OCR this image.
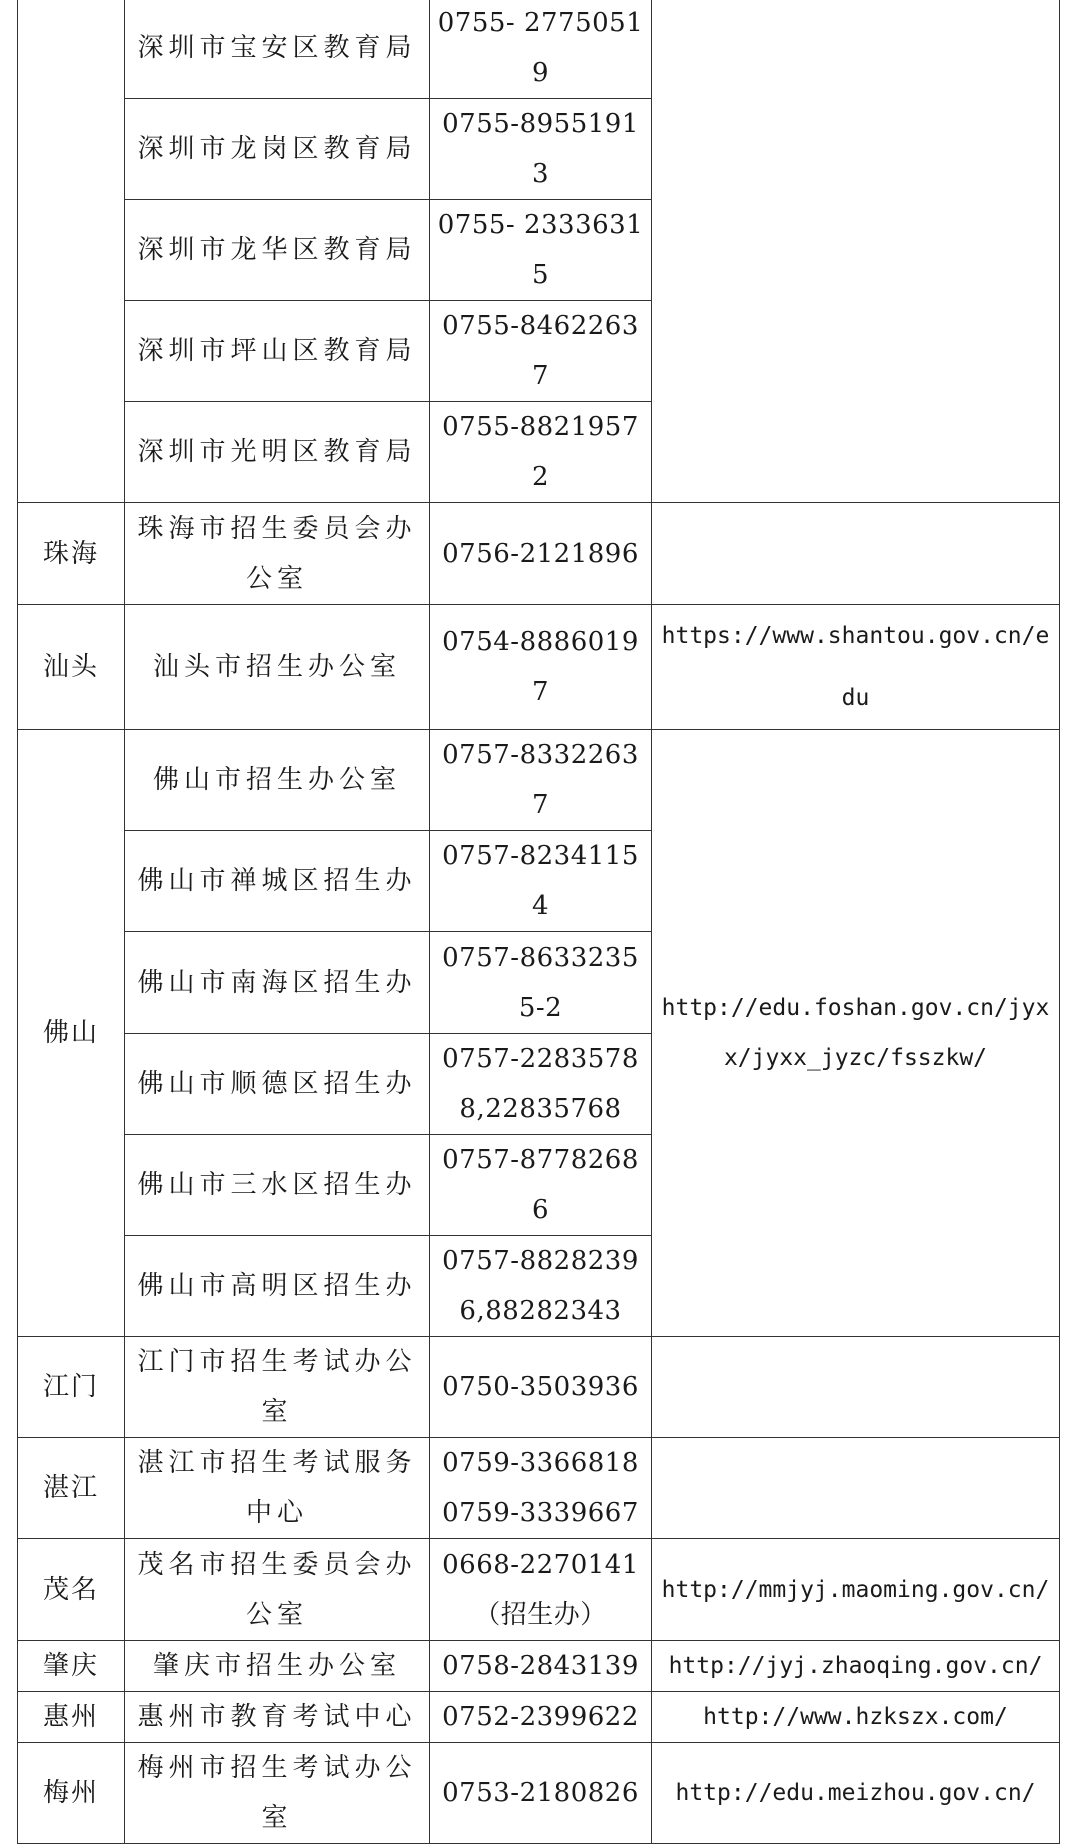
	深圳市宝安区教育局	0755- 27750519	
	深圳市龙岗区教育局	0755-89551913	
	深圳市龙华区教育局	0755- 23336315	
	深圳市坪山区教育局	0755-84622637	
	深圳市光明区教育局	0755-88219572	
珠海	珠海市招生委员会办公室	0756-2121896	
汕头	汕头市招生办公室	0754-88860197	https://www.shantou.gov.cn/edu
佛山	佛山市招生办公室	0757-83322637	http://edu.foshan.gov.cn/jyxx/jyxx_jyzc/fsszkw/
	佛山市禅城区招生办	0757-82341154	
	佛山市南海区招生办	0757-86332355-2	
	佛山市顺德区招生办	0757-22835788,22835768	
	佛山市三水区招生办	0757-87782686	
	佛山市高明区招生办	0757-88282396,88282343	
江门	江门市招生考试办公室	0750-3503936	
湛江	湛江市招生考试服务中心	0759-3366818 0759-3339667	
茂名	茂名市招生委员会办公室	0668-2270141（招生办）	http://mmjyj.maoming.gov.cn/
肇庆	肇庆市招生办公室	0758-2843139	http://jyj.zhaoqing.gov.cn/
惠州	惠州市教育考试中心	0752-2399622	http://www.hzkszx.com/
梅州	梅州市招生考试办公室	0753-2180826	http://edu.meizhou.gov.cn/
